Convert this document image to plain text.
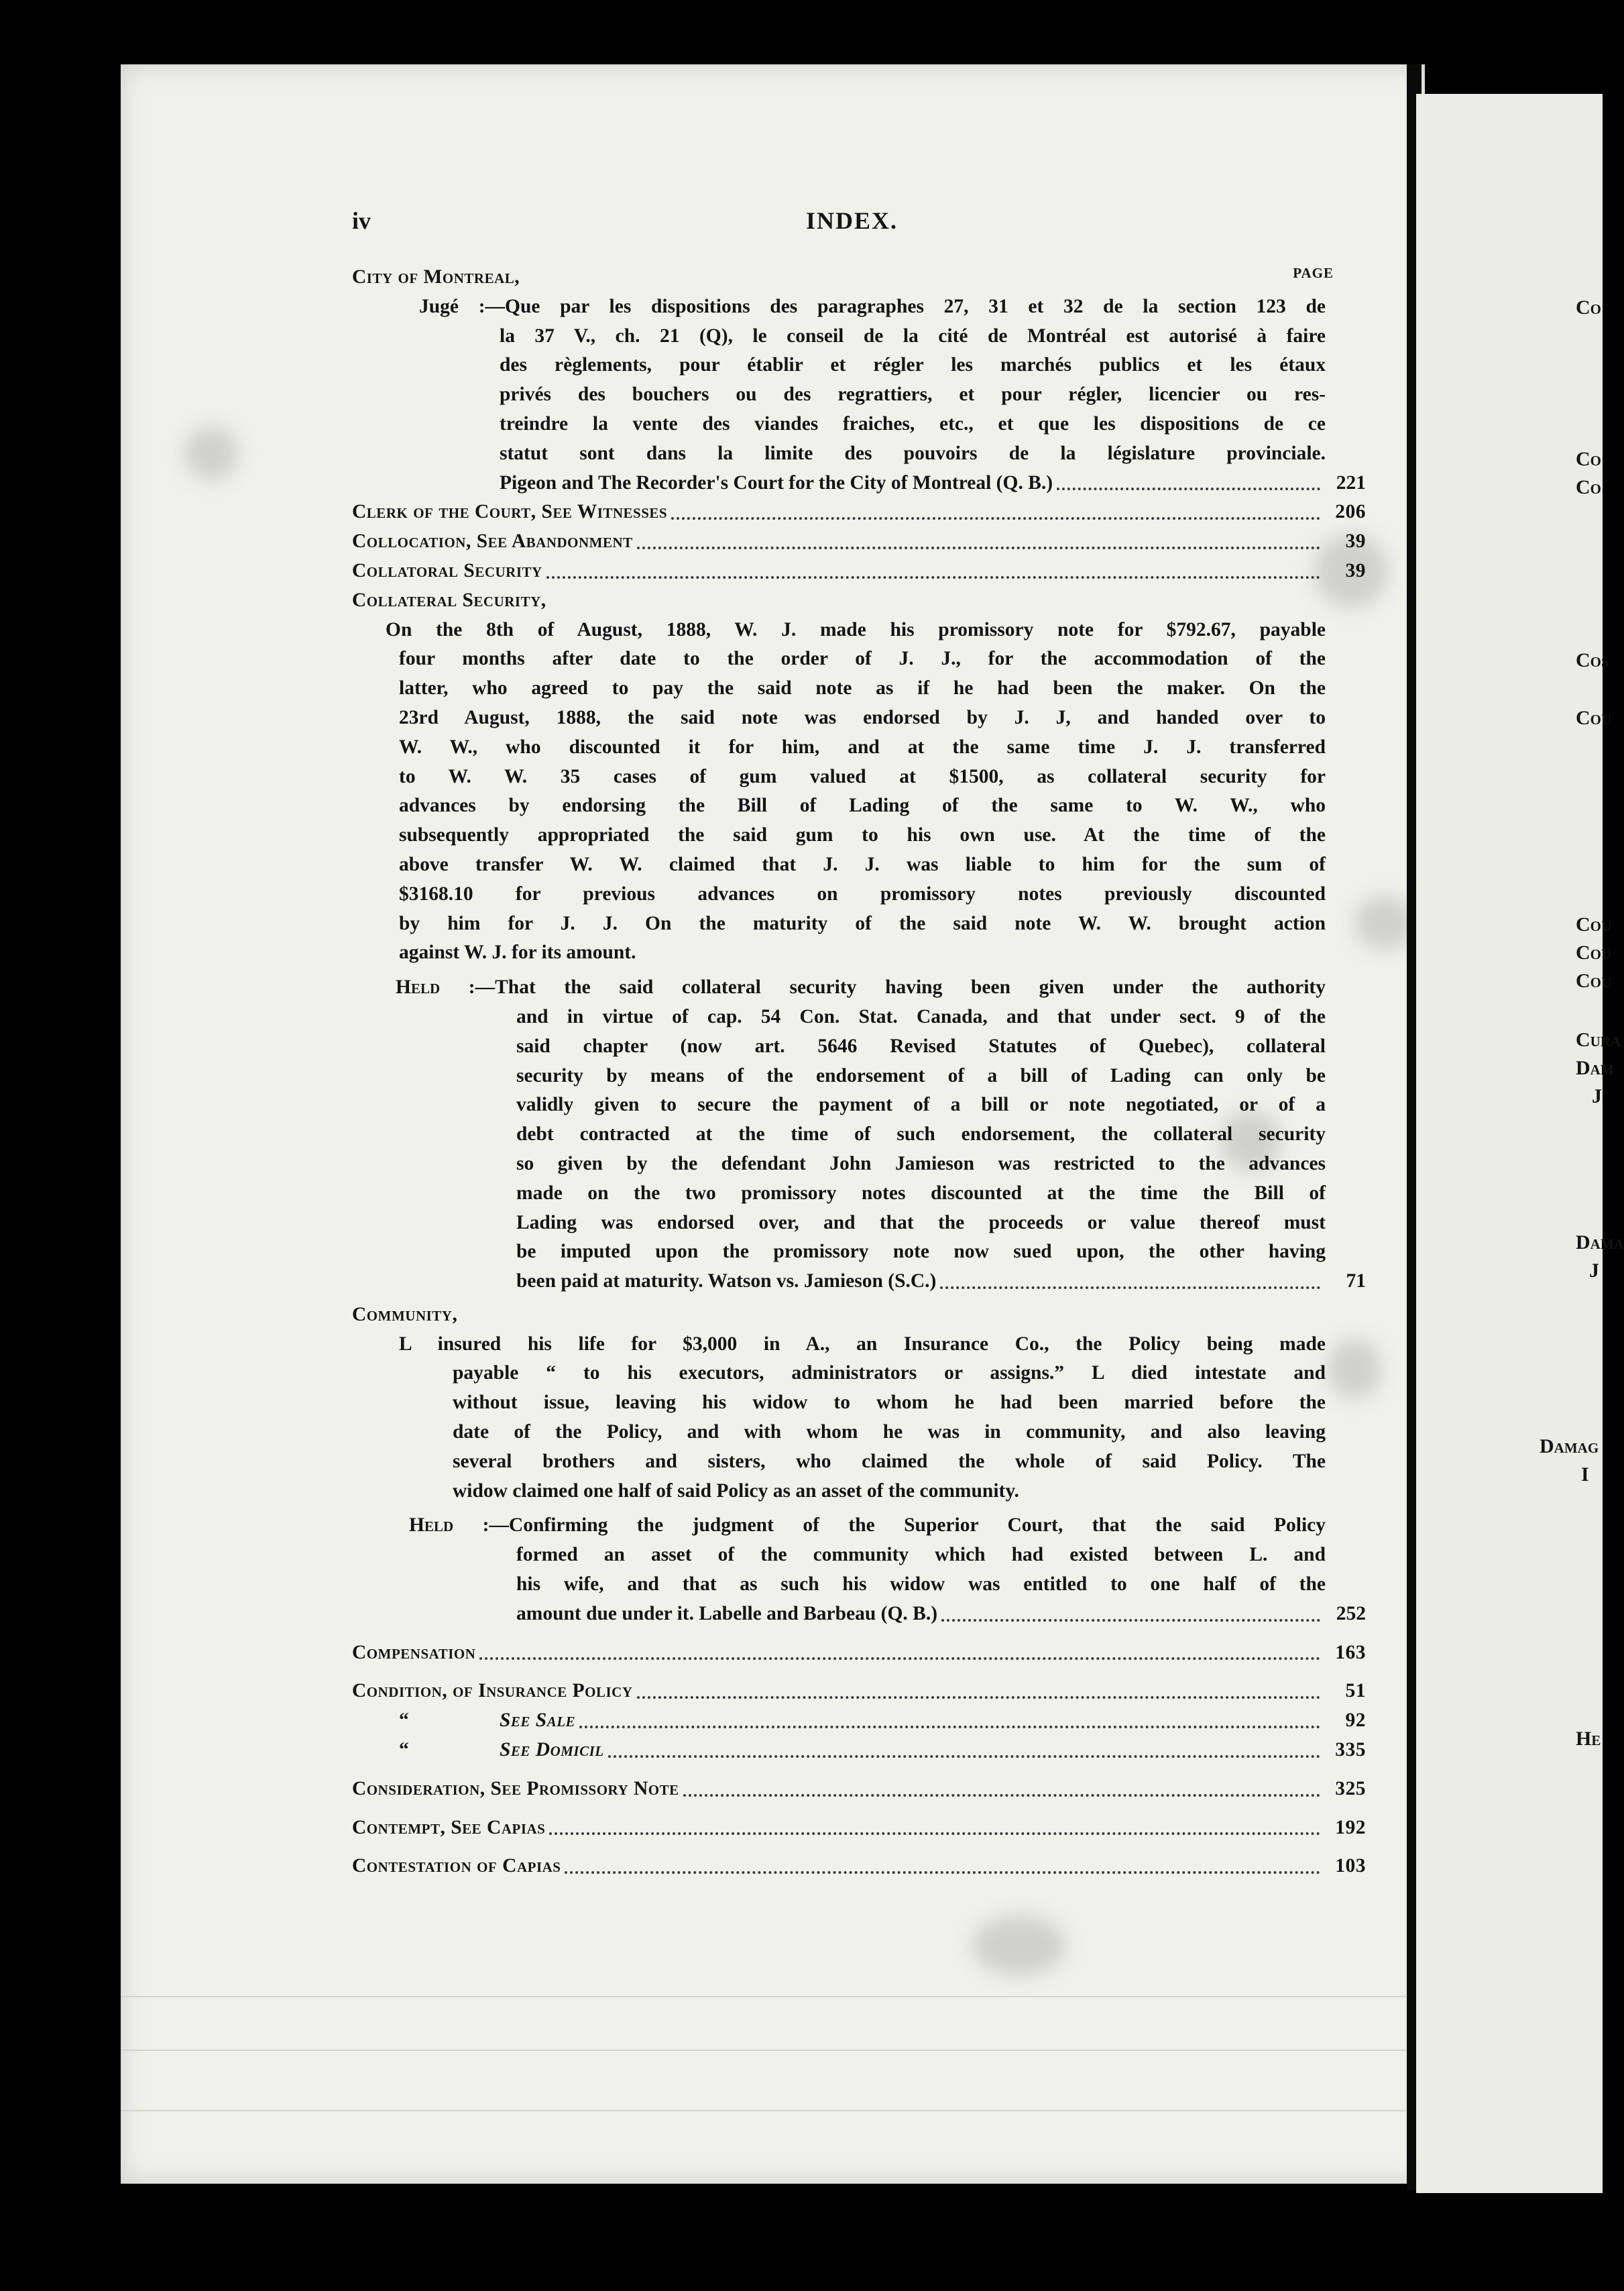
iv	INDEX.
PAGE
City of Montreal,
Jugé :—Que par les dispositions des paragraphes 27, 31 et 32 de la section 123 de
la 37 V., ch. 21 (Q), le conseil de la cité de Montréal est autorisé à faire
des règlements, pour établir et régler les marchés publics et les étaux
privés des bouchers ou des regrattiers, et pour régler, licencier ou res-
treindre la vente des viandes fraiches, etc., et que les dispositions de ce
statut sont dans la limite des pouvoirs de la législature provinciale.
Pigeon and The Recorder's Court for the City of Montreal (Q. B.)	221
Clerk of the Court, See Witnesses	206
Collocation, See Abandonment	39
Collatoral Security	39
Collateral Security,
On the 8th of August, 1888, W. J. made his promissory note for $792.67, payable
four months after date to the order of J. J., for the accommodation of the
latter, who agreed to pay the said note as if he had been the maker. On the
23rd August, 1888, the said note was endorsed by J. J, and handed over to
W. W., who discounted it for him, and at the same time J. J. transferred
to W. W. 35 cases of gum valued at $1500, as collateral security for
advances by endorsing the Bill of Lading of the same to W. W., who
subsequently appropriated the said gum to his own use. At the time of the
above transfer W. W. claimed that J. J. was liable to him for the sum of
$3168.10 for previous advances on promissory notes previously discounted
by him for J. J. On the maturity of the said note W. W. brought action
against W. J. for its amount.
Held :—That the said collateral security having been given under the authority
and in virtue of cap. 54 Con. Stat. Canada, and that under sect. 9 of the
said chapter (now art. 5646 Revised Statutes of Quebec), collateral
security by means of the endorsement of a bill of Lading can only be
validly given to secure the payment of a bill or note negotiated, or of a
debt contracted at the time of such endorsement, the collateral security
so given by the defendant John Jamieson was restricted to the advances
made on the two promissory notes discounted at the time the Bill of
Lading was endorsed over, and that the proceeds or value thereof must
be imputed upon the promissory note now sued upon, the other having
been paid at maturity. Watson vs. Jamieson (S.C.)	71
Community,
L insured his life for $3,000 in A., an Insurance Co., the Policy being made
payable “ to his executors, administrators or assigns.” L died intestate and
without issue, leaving his widow to whom he had been married before the
date of the Policy, and with whom he was in community, and also leaving
several brothers and sisters, who claimed the whole of said Policy. The
widow claimed one half of said Policy as an asset of the community.
Held :—Confirming the judgment of the Superior Court, that the said Policy
formed an asset of the community which had existed between L. and
his wife, and that as such his widow was entitled to one half of the
amount due under it. Labelle and Barbeau (Q. B.)	252
Compensation	163
Condition, of Insurance Policy	51
“	See Sale	92
“	See Domicil	335
Consideration, See Promissory Note	325
Contempt, See Capias	192
Contestation of Capias	103
Co
Co
Co
Cos
Cou
Cou
Cou
Cou
Cura
Dam
J
Dama
J
Damag
I
He
